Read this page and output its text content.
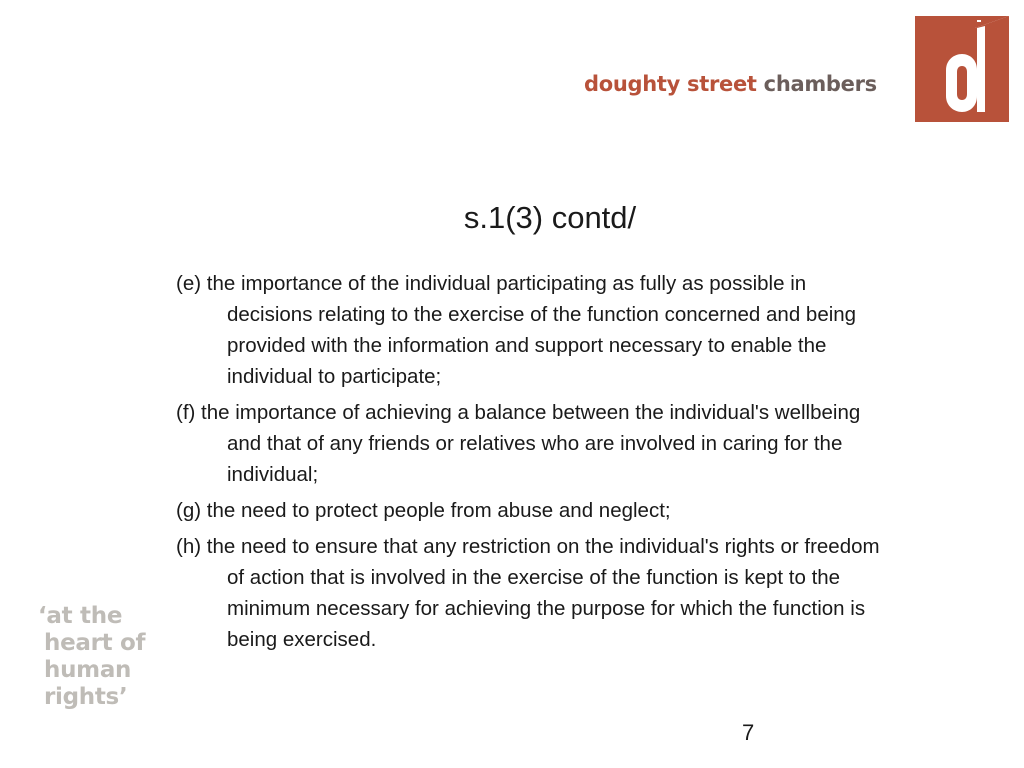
doughty street chambers
s.1(3) contd/
(e) the importance of the individual participating as fully as possible in decisions relating to the exercise of the function concerned and being provided with the information and support necessary to enable the individual to participate;
(f) the importance of achieving a balance between the individual's wellbeing and that of any friends or relatives who are involved in caring for the individual;
(g) the need to protect people from abuse and neglect;
(h) the need to ensure that any restriction on the individual's rights or freedom of action that is involved in the exercise of the function is kept to the minimum necessary for achieving the purpose for which the function is being exercised.
‘at the
heart of
human
rights’
7
